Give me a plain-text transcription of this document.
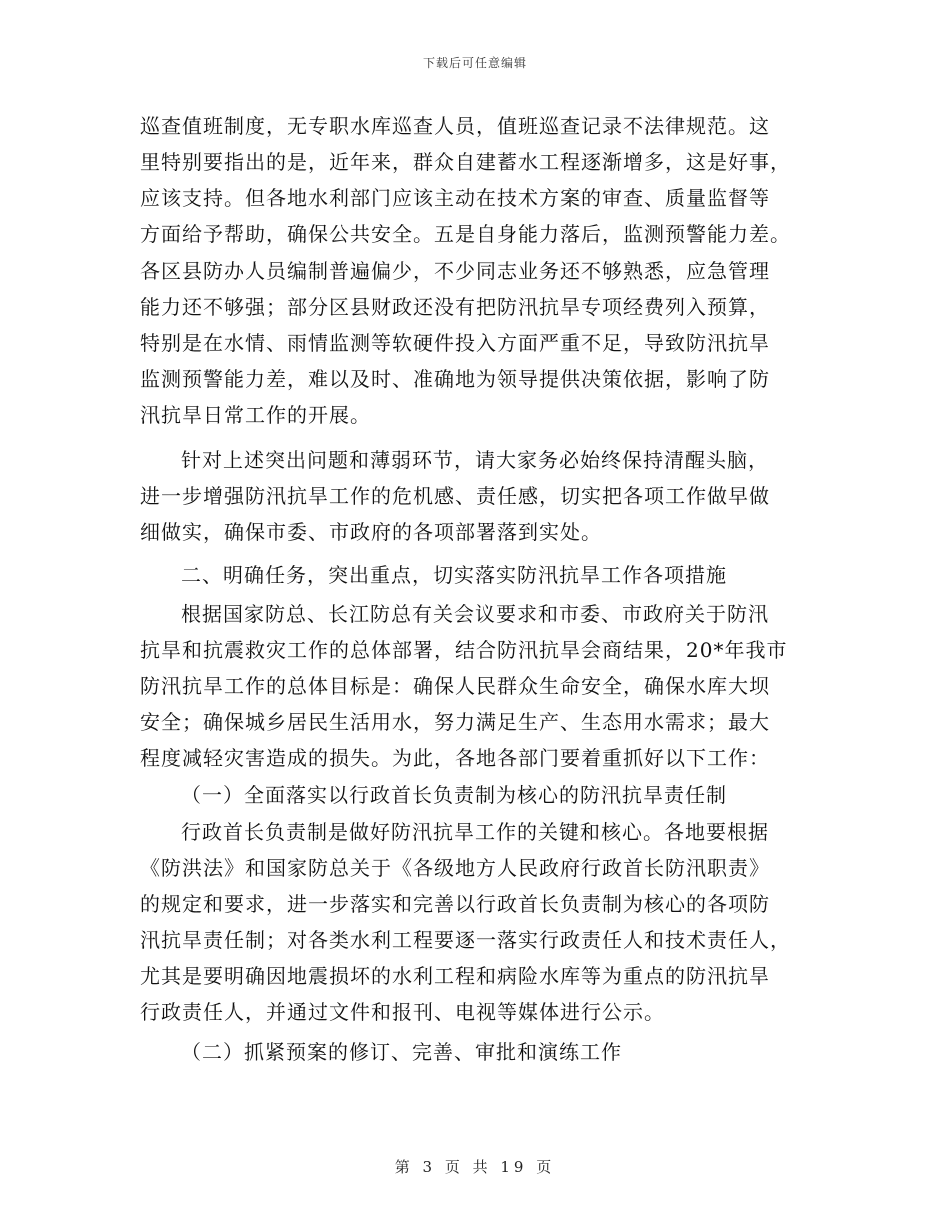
下载后可任意编辑
巡查值班制度，无专职水库巡查人员，值班巡查记录不法律规范。这
里特别要指出的是，近年来，群众自建蓄水工程逐渐增多，这是好事，
应该支持。但各地水利部门应该主动在技术方案的审查、质量监督等
方面给予帮助，确保公共安全。五是自身能力落后，监测预警能力差。
各区县防办人员编制普遍偏少，不少同志业务还不够熟悉，应急管理
能力还不够强；部分区县财政还没有把防汛抗旱专项经费列入预算，
特别是在水情、雨情监测等软硬件投入方面严重不足，导致防汛抗旱
监测预警能力差，难以及时、准确地为领导提供决策依据，影响了防
汛抗旱日常工作的开展。
针对上述突出问题和薄弱环节，请大家务必始终保持清醒头脑，
进一步增强防汛抗旱工作的危机感、责任感，切实把各项工作做早做
细做实，确保市委、市政府的各项部署落到实处。
二、明确任务，突出重点，切实落实防汛抗旱工作各项措施
根据国家防总、长江防总有关会议要求和市委、市政府关于防汛
抗旱和抗震救灾工作的总体部署，结合防汛抗旱会商结果，20*年我市
防汛抗旱工作的总体目标是：确保人民群众生命安全，确保水库大坝
安全；确保城乡居民生活用水，努力满足生产、生态用水需求；最大
程度减轻灾害造成的损失。为此，各地各部门要着重抓好以下工作：
（一）全面落实以行政首长负责制为核心的防汛抗旱责任制
行政首长负责制是做好防汛抗旱工作的关键和核心。各地要根据
《防洪法》和国家防总关于《各级地方人民政府行政首长防汛职责》
的规定和要求，进一步落实和完善以行政首长负责制为核心的各项防
汛抗旱责任制；对各类水利工程要逐一落实行政责任人和技术责任人，
尤其是要明确因地震损坏的水利工程和病险水库等为重点的防汛抗旱
行政责任人，并通过文件和报刊、电视等媒体进行公示。
（二）抓紧预案的修订、完善、审批和演练工作
第 3 页 共 19 页
